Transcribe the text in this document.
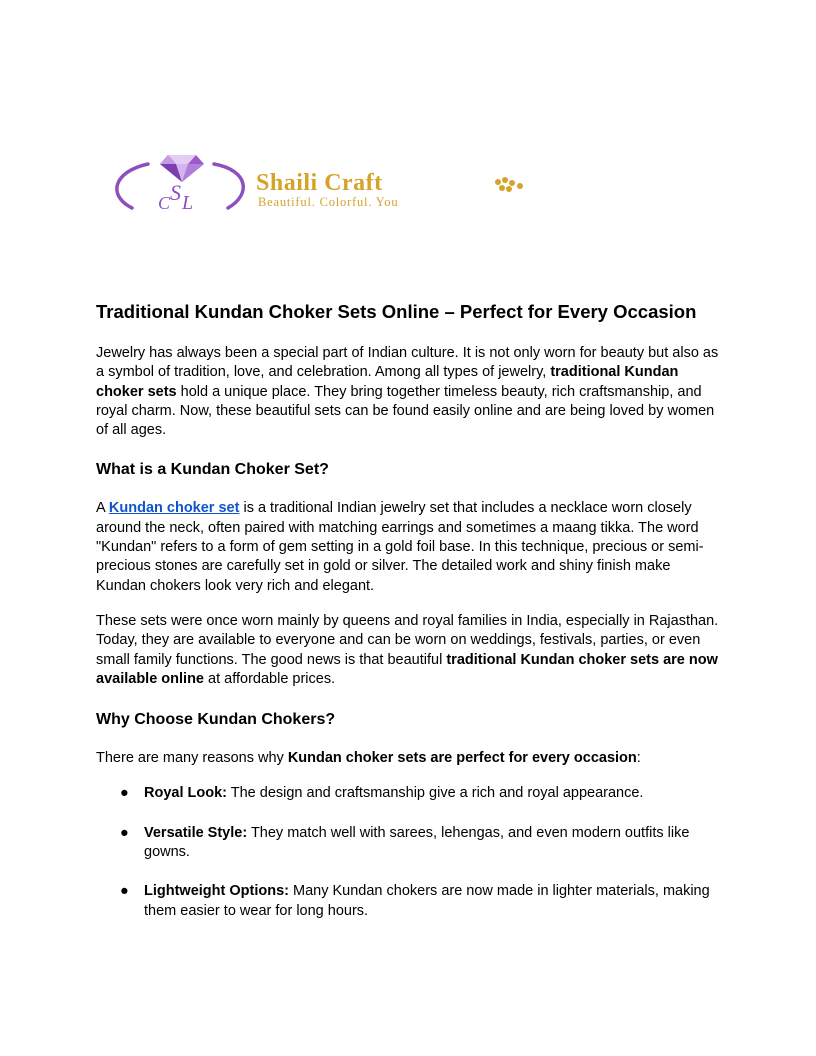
S L
C
Shaili Craft
Beautiful. Colorful. You
Traditional Kundan Choker Sets Online – Perfect for Every Occasion

Jewelry has always been a special part of Indian culture. It is not only worn for beauty but also as a symbol of tradition, love, and celebration. Among all types of jewelry, traditional Kundan choker sets hold a unique place. They bring together timeless beauty, rich craftsmanship, and royal charm. Now, these beautiful sets can be found easily online and are being loved by women of all ages.

What is a Kundan Choker Set?

A Kundan choker set is a traditional Indian jewelry set that includes a necklace worn closely around the neck, often paired with matching earrings and sometimes a maang tikka. The word "Kundan" refers to a form of gem setting in a gold foil base. In this technique, precious or semi-precious stones are carefully set in gold or silver. The detailed work and shiny finish make Kundan chokers look very rich and elegant.

These sets were once worn mainly by queens and royal families in India, especially in Rajasthan. Today, they are available to everyone and can be worn on weddings, festivals, parties, or even small family functions. The good news is that beautiful traditional Kundan choker sets are now available online at affordable prices.

Why Choose Kundan Chokers?

There are many reasons why Kundan choker sets are perfect for every occasion:

● Royal Look: The design and craftsmanship give a rich and royal appearance.
● Versatile Style: They match well with sarees, lehengas, and even modern outfits like gowns.
● Lightweight Options: Many Kundan chokers are now made in lighter materials, making them easier to wear for long hours.
